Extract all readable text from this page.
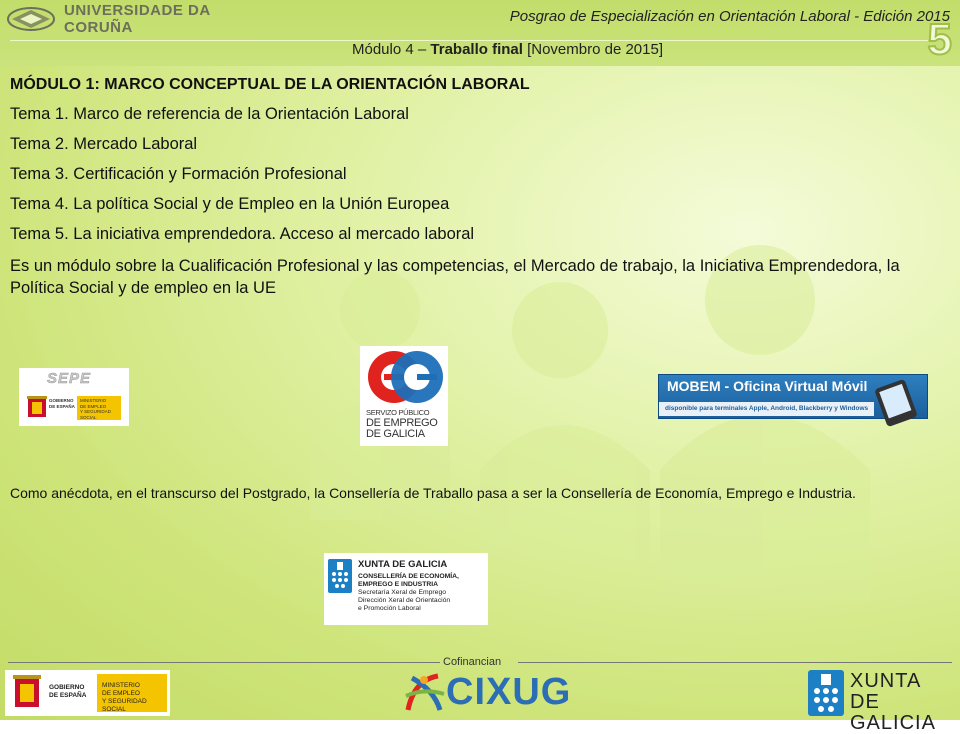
UNIVERSIDADE DA CORUÑA
Posgrao de Especialización en Orientación Laboral - Edición 2015
Módulo 4 – Traballo final [Novembro de 2015]	5

MÓDULO 1: MARCO CONCEPTUAL DE LA ORIENTACIÓN LABORAL

Tema 1. Marco de referencia de la Orientación Laboral

Tema 2. Mercado Laboral

Tema 3. Certificación y Formación Profesional

Tema 4. La política Social y de Empleo en la Unión Europea

Tema 5. La iniciativa emprendedora. Acceso al mercado laboral

Es un módulo sobre la Cualificación Profesional y las competencias, el Mercado de trabajo, la Iniciativa Emprendedora, la Política Social y de empleo en la UE

SEPE
GOBIERNO
DE ESPAÑA
MINISTERIO
DE EMPLEO
Y SEGURIDAD SOCIAL	SERVIZO PÚBLICO
DE EMPREGO
DE GALICIA
MOBEM - Oficina Virtual Móvil
disponible para terminales Apple, Android, Blackberry y Windows
Como anécdota, en el transcurso del Postgrado, la Consellería de Traballo pasa a ser la Consellería de Economía, Emprego e Industria.
XUNTA DE GALICIA
CONSELLERÍA DE ECONOMÍA,
EMPREGO E INDUSTRIA
Secretaría Xeral de Emprego
Dirección Xeral de Orientación
e Promoción Laboral
Cofinancian
GOBIERNO
DE ESPAÑA
MINISTERIO
DE EMPLEO
Y SEGURIDAD SOCIAL	CIXUG	XUNTA
DE GALICIA
